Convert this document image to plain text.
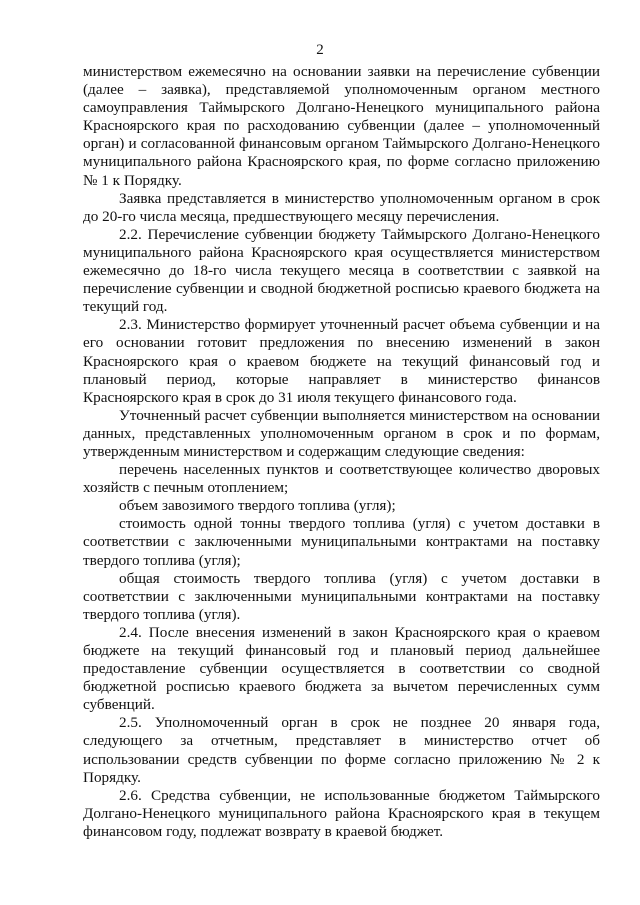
2

министерством ежемесячно на основании заявки на перечисление субвенции (далее – заявка), представляемой уполномоченным органом местного самоуправления Таймырского Долгано-Ненецкого муниципального района Красноярского края по расходованию субвенции (далее – уполномоченный орган) и согласованной финансовым органом Таймырского Долгано-Ненецкого муниципального района Красноярского края, по форме согласно приложению № 1 к Порядку.

Заявка представляется в министерство уполномоченным органом в срок до 20-го числа месяца, предшествующего месяцу перечисления.

2.2. Перечисление субвенции бюджету Таймырского Долгано-Ненецкого муниципального района Красноярского края осуществляется министерством ежемесячно до 18-го числа текущего месяца в соответствии с заявкой на перечисление субвенции и сводной бюджетной росписью краевого бюджета на текущий год.

2.3. Министерство формирует уточненный расчет объема субвенции и на его основании готовит предложения по внесению изменений в закон Красноярского края о краевом бюджете на текущий финансовый год и плановый период, которые направляет в министерство финансов Красноярского края в срок до 31 июля текущего финансового года.

Уточненный расчет субвенции выполняется министерством на основании данных, представленных уполномоченным органом в срок и по формам, утвержденным министерством и содержащим следующие сведения:

перечень населенных пунктов и соответствующее количество дворовых хозяйств с печным отоплением;

объем завозимого твердого топлива (угля);

стоимость одной тонны твердого топлива (угля) с учетом доставки в соответствии с заключенными муниципальными контрактами на поставку твердого топлива (угля);

общая стоимость твердого топлива (угля) с учетом доставки в соответствии с заключенными муниципальными контрактами на поставку твердого топлива (угля).

2.4. После внесения изменений в закон Красноярского края о краевом бюджете на текущий финансовый год и плановый период дальнейшее предоставление субвенции осуществляется в соответствии со сводной бюджетной росписью краевого бюджета за вычетом перечисленных сумм субвенций.

2.5. Уполномоченный орган в срок не позднее 20 января года, следующего за отчетным, представляет в министерство отчет об использовании средств субвенции по форме согласно приложению № 2 к Порядку.

2.6. Средства субвенции, не использованные бюджетом Таймырского Долгано-Ненецкого муниципального района Красноярского края в текущем финансовом году, подлежат возврату в краевой бюджет.
